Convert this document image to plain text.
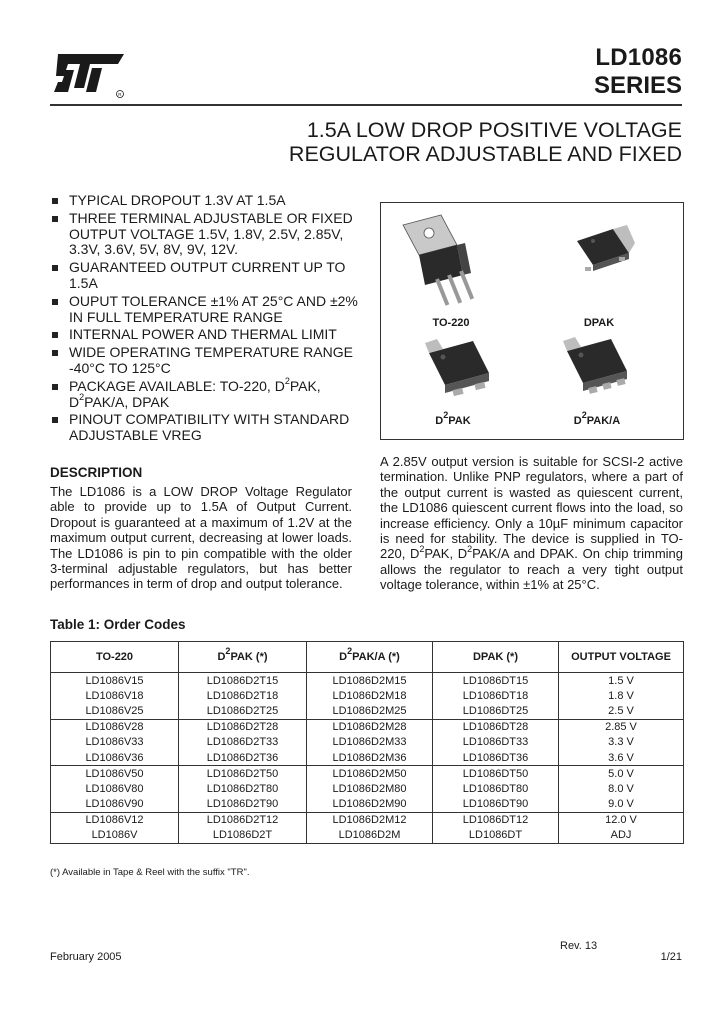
R
LD1086
SERIES
1.5A LOW DROP POSITIVE VOLTAGE
REGULATOR ADJUSTABLE AND FIXED
TYPICAL DROPOUT 1.3V AT 1.5A
THREE TERMINAL ADJUSTABLE OR FIXED OUTPUT VOLTAGE 1.5V, 1.8V, 2.5V, 2.85V, 3.3V, 3.6V, 5V, 8V, 9V, 12V.
GUARANTEED OUTPUT CURRENT UP TO 1.5A
OUPUT TOLERANCE ±1% AT 25°C AND ±2% IN FULL TEMPERATURE RANGE
INTERNAL POWER AND THERMAL LIMIT
WIDE OPERATING TEMPERATURE RANGE -40°C TO 125°C
PACKAGE AVAILABLE: TO-220, $D^2PAK$, $D^2PAK/A$, DPAK
PINOUT COMPATIBILITY WITH STANDARD ADJUSTABLE VREG
TO-220	DPAK
$D^2PAK$	$D^2PAK/A$
DESCRIPTION
The LD1086 is a LOW DROP Voltage Regulator able to provide up to 1.5A of Output Current. Dropout is guaranteed at a maximum of 1.2V at the maximum output current, decreasing at lower loads. The LD1086 is pin to pin compatible with the older 3-terminal adjustable regulators, but has better performances in term of drop and output tolerance.
A 2.85V output version is suitable for SCSI-2 active termination. Unlike PNP regulators, where a part of the output current is wasted as quiescent current, the LD1086 quiescent current flows into the load, so increase efficiency. Only a 10µF minimum capacitor is need for stability. The device is supplied in TO-220, $D^2PAK$, $D^2PAK/A$ and DPAK. On chip trimming allows the regulator to reach a very tight output voltage tolerance, within ±1% at 25°C.
Table 1: Order Codes
TO-220	$D^2PAK$ (*)	$D^2PAK/A$ (*)	DPAK (*)	OUTPUT VOLTAGE
LD1086V15	LD1086D2T15	LD1086D2M15	LD1086DT15	1.5 V
LD1086V18	LD1086D2T18	LD1086D2M18	LD1086DT18	1.8 V
LD1086V25	LD1086D2T25	LD1086D2M25	LD1086DT25	2.5 V
LD1086V28	LD1086D2T28	LD1086D2M28	LD1086DT28	2.85 V
LD1086V33	LD1086D2T33	LD1086D2M33	LD1086DT33	3.3 V
LD1086V36	LD1086D2T36	LD1086D2M36	LD1086DT36	3.6 V
LD1086V50	LD1086D2T50	LD1086D2M50	LD1086DT50	5.0 V
LD1086V80	LD1086D2T80	LD1086D2M80	LD1086DT80	8.0 V
LD1086V90	LD1086D2T90	LD1086D2M90	LD1086DT90	9.0 V
LD1086V12	LD1086D2T12	LD1086D2M12	LD1086DT12	12.0 V
LD1086V	LD1086D2T	LD1086D2M	LD1086DT	ADJ
(*) Available in Tape & Reel with the suffix "TR".
Rev. 13
February 2005	1/21
